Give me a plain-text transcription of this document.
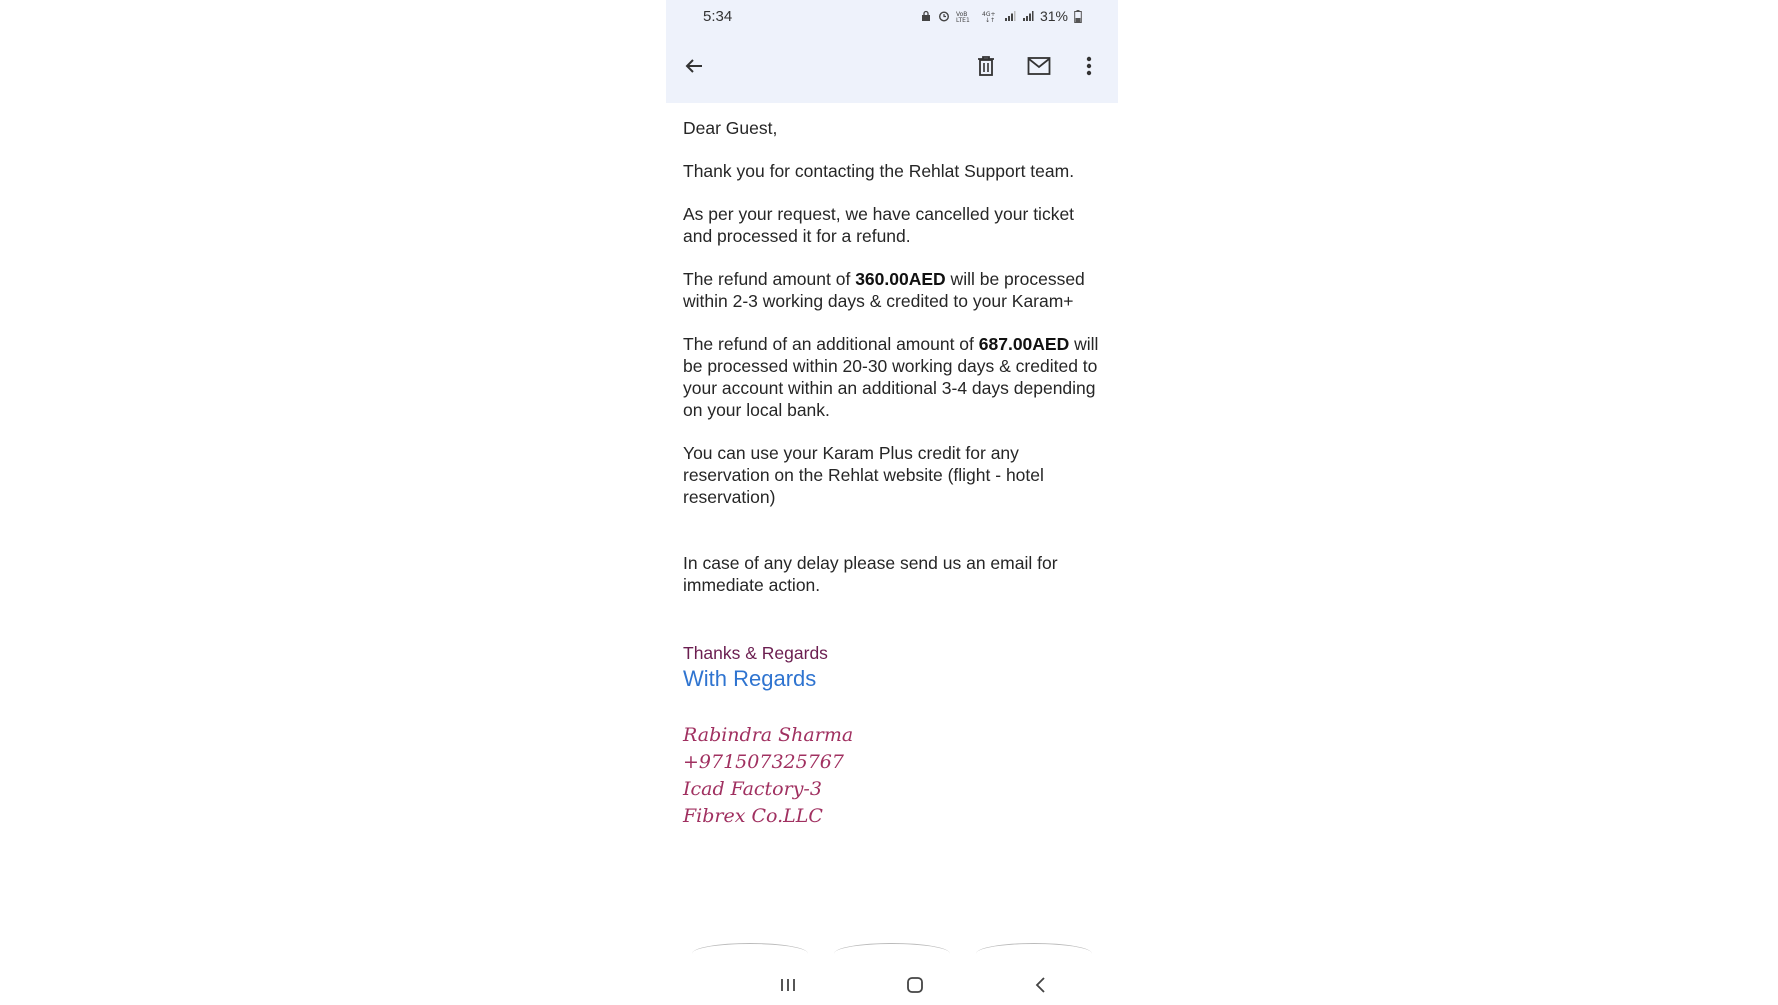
5:34	VoB
LTE1
4G+
↓↑	31%

Dear Guest,

Thank you for contacting the Rehlat Support team.

As per your request, we have cancelled your ticket and processed it for a refund.

The refund amount of 360.00AED will be processed within 2-3 working days & credited to your Karam+

The refund of an additional amount of 687.00AED will be processed within 20-30 working days & credited to your account within an additional 3-4 days depending on your local bank.

You can use your Karam Plus credit for any reservation on the Rehlat website (flight - hotel reservation)

In case of any delay please send us an email for immediate action.

Thanks & Regards
With Regards
Rabindra Sharma
+971507325767
Icad Factory-3
Fibrex Co.LLC
